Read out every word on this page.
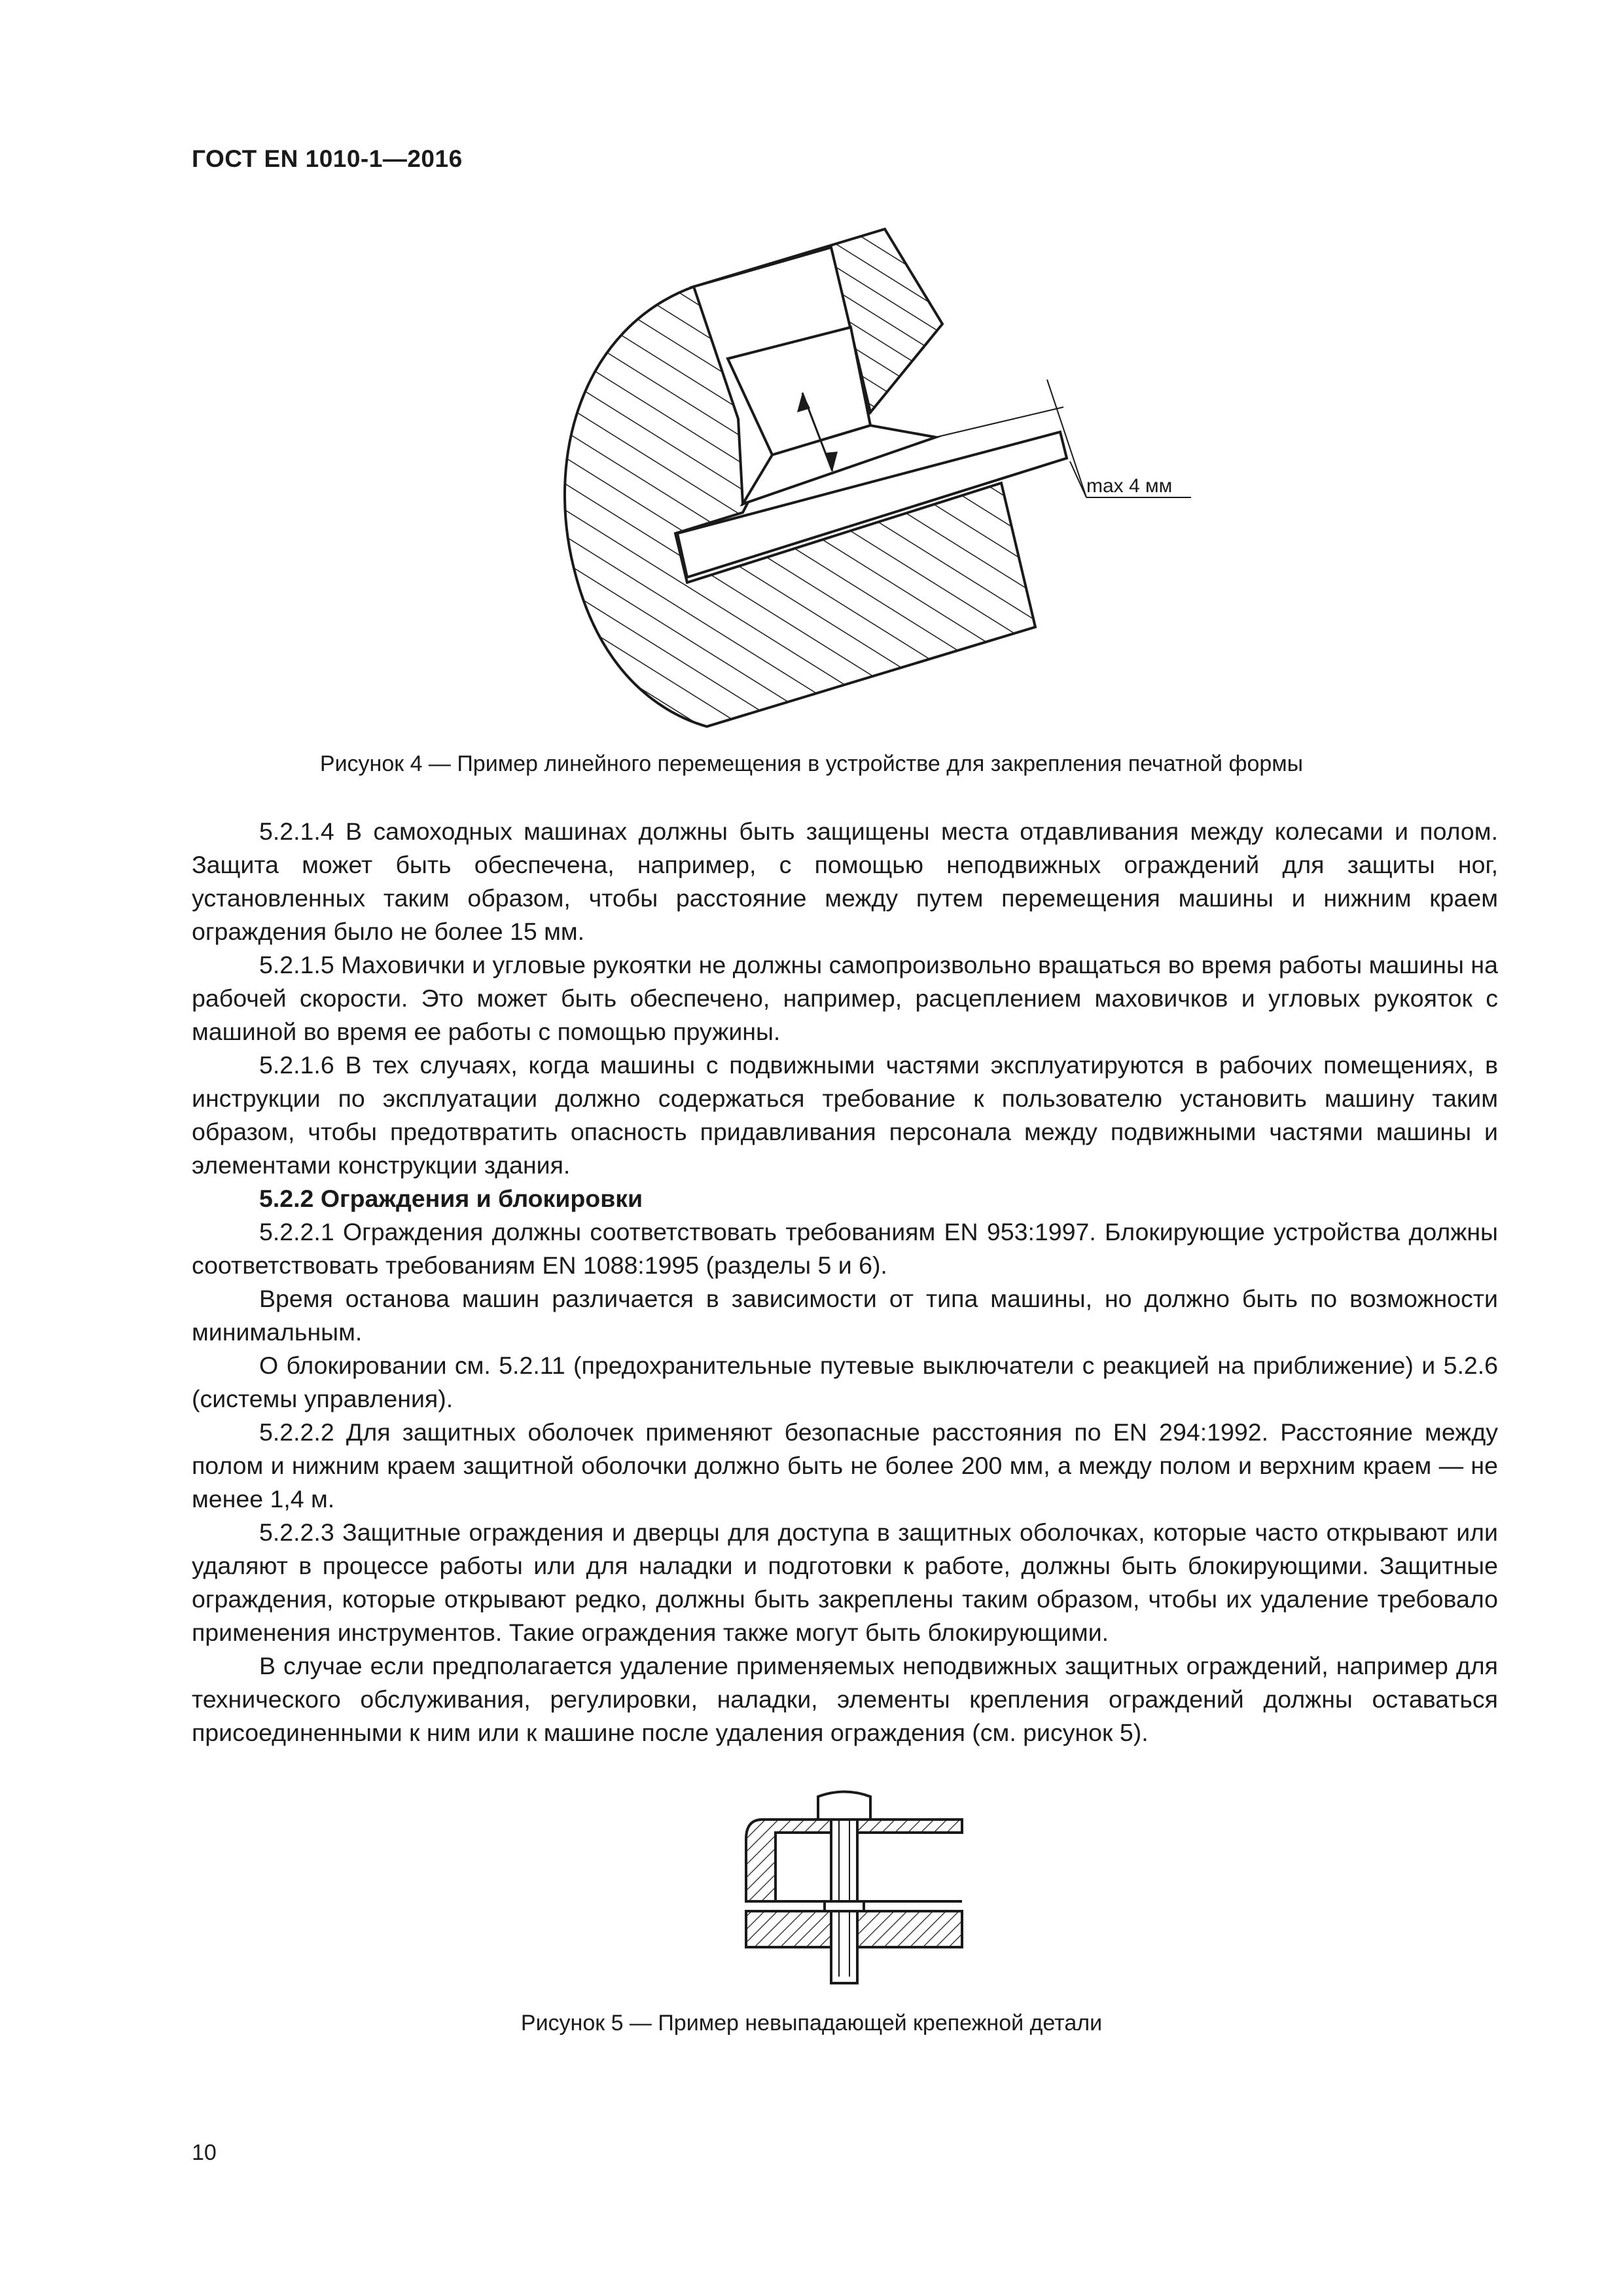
ГОСТ EN 1010-1—2016
max 4 мм
Рисунок 4 — Пример линейного перемещения в устройстве для закрепления печатной формы

5.2.1.4 В самоходных машинах должны быть защищены места отдавливания между колесами и полом. Защита может быть обеспечена, например, с помощью неподвижных ограждений для защиты ног, установленных таким образом, чтобы расстояние между путем перемещения машины и нижним краем ограждения было не более 15 мм.

5.2.1.5 Маховички и угловые рукоятки не должны самопроизвольно вращаться во время работы машины на рабочей скорости. Это может быть обеспечено, например, расцеплением маховичков и угловых рукояток с машиной во время ее работы с помощью пружины.

5.2.1.6 В тех случаях, когда машины с подвижными частями эксплуатируются в рабочих помещениях, в инструкции по эксплуатации должно содержаться требование к пользователю установить машину таким образом, чтобы предотвратить опасность придавливания персонала между подвижными частями машины и элементами конструкции здания.

5.2.2 Ограждения и блокировки

5.2.2.1 Ограждения должны соответствовать требованиям EN 953:1997. Блокирующие устройства должны соответствовать требованиям EN 1088:1995 (разделы 5 и 6).

Время останова машин различается в зависимости от типа машины, но должно быть по возможности минимальным.

О блокировании см. 5.2.11 (предохранительные путевые выключатели с реакцией на приближение) и 5.2.6 (системы управления).

5.2.2.2 Для защитных оболочек применяют безопасные расстояния по EN 294:1992. Расстояние между полом и нижним краем защитной оболочки должно быть не более 200 мм, а между полом и верхним краем — не менее 1,4 м.

5.2.2.3 Защитные ограждения и дверцы для доступа в защитных оболочках, которые часто открывают или удаляют в процессе работы или для наладки и подготовки к работе, должны быть блокирующими. Защитные ограждения, которые открывают редко, должны быть закреплены таким образом, чтобы их удаление требовало применения инструментов. Такие ограждения также могут быть блокирующими.

В случае если предполагается удаление применяемых неподвижных защитных ограждений, например для технического обслуживания, регулировки, наладки, элементы крепления ограждений должны оставаться присоединенными к ним или к машине после удаления ограждения (см. рисунок 5).

Рисунок 5 — Пример невыпадающей крепежной детали
10
